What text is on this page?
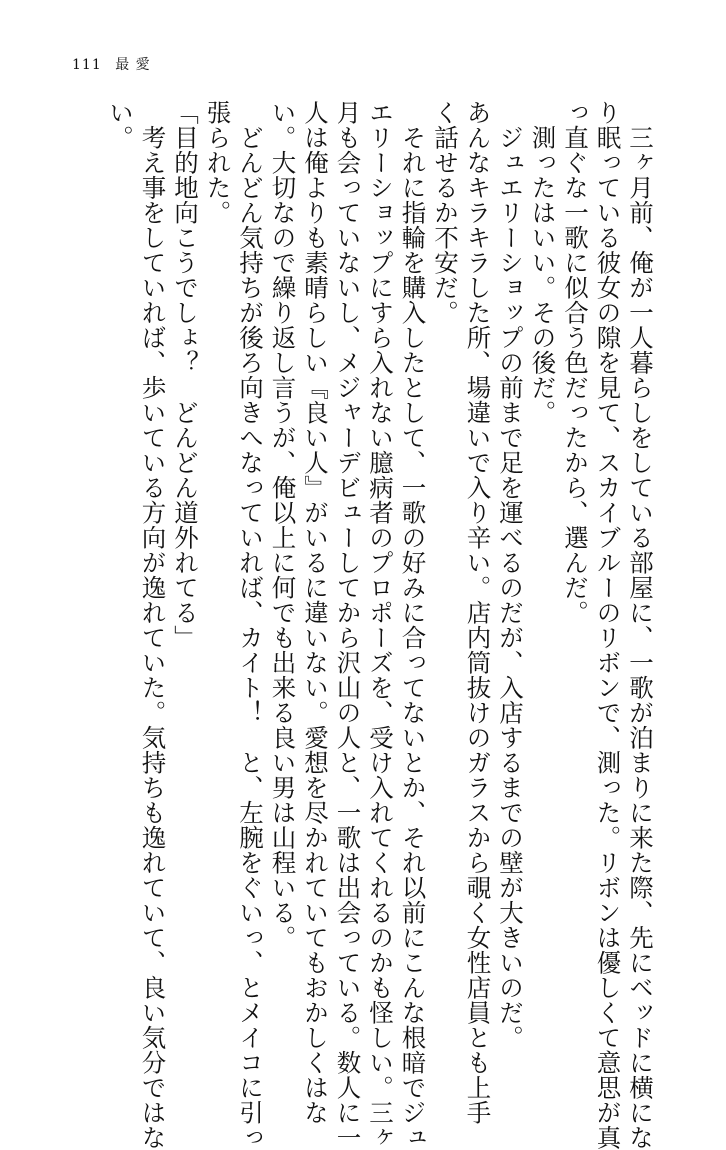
111 最 愛
　三ヶ月前、俺が一人暮らしをしている部屋に、一歌が泊まりに来た際、先にベッドに横にな
り眠っている彼女の隙を見て、スカイブルーのリボンで、測った。リボンは優しくて意思が真
っ直ぐな一歌に似合う色だったから、選んだ。
　測ったはいい。その後だ。
　ジュエリーショップの前まで足を運べるのだが、入店するまでの壁が大きいのだ。
あんなキラキラした所、場違いで入り辛い。店内筒抜けのガラスから覗く女性店員とも上手
く話せるか不安だ。
　それに指輪を購入したとして、一歌の好みに合ってないとか、それ以前にこんな根暗でジュ
エリーショップにすら入れない臆病者のプロポーズを、受け入れてくれるのかも怪しい。三ヶ
月も会っていないし、メジャーデビューしてから沢山の人と、一歌は出会っている。数人に一
人は俺よりも素晴らしい『良い人』がいるに違いない。愛想を尽かれていてもおかしくはな
い。大切なので繰り返し言うが、俺以上に何でも出来る良い男は山程いる。
　どんどん気持ちが後ろ向きへなっていれば、カイト！　と、左腕をぐいっ、とメイコに引っ
張られた。
「目的地向こうでしょ？　どんどん道外れてる」
　考え事をしていれば、歩いている方向が逸れていた。気持ちも逸れていて、良い気分ではな
い。
